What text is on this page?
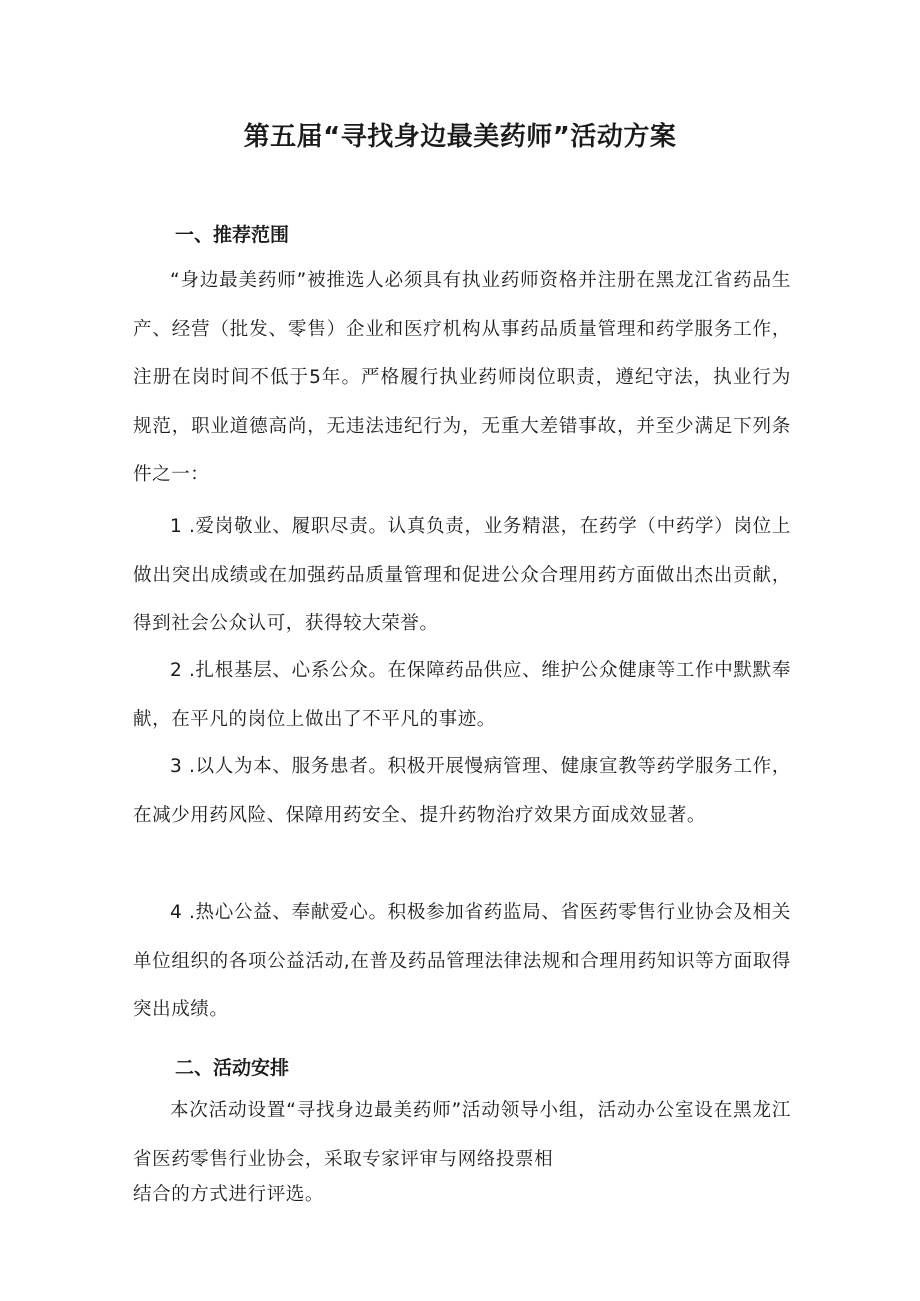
第五届“寻找身边最美药师”活动方案
一、推荐范围

“身边最美药师”被推选人必须具有执业药师资格并注册在黑龙江省药品生产、经营（批发、零售）企业和医疗机构从事药品质量管理和药学服务工作，注册在岗时间不低于5年。严格履行执业药师岗位职责，遵纪守法，执业行为规范，职业道德高尚，无违法违纪行为，无重大差错事故，并至少满足下列条件之一：

1 .爱岗敬业、履职尽责。认真负责，业务精湛，在药学（中药学）岗位上做出突出成绩或在加强药品质量管理和促进公众合理用药方面做出杰出贡献，得到社会公众认可，获得较大荣誉。

2 .扎根基层、心系公众。在保障药品供应、维护公众健康等工作中默默奉献，在平凡的岗位上做出了不平凡的事迹。

3 .以人为本、服务患者。积极开展慢病管理、健康宣教等药学服务工作，在减少用药风险、保障用药安全、提升药物治疗效果方面成效显著。

4 .热心公益、奉献爱心。积极参加省药监局、省医药零售行业协会及相关单位组织的各项公益活动,在普及药品管理法律法规和合理用药知识等方面取得突出成绩。

二、活动安排

本次活动设置“寻找身边最美药师”活动领导小组，活动办公室设在黑龙江省医药零售行业协会，采取专家评审与网络投票相

结合的方式进行评选。
